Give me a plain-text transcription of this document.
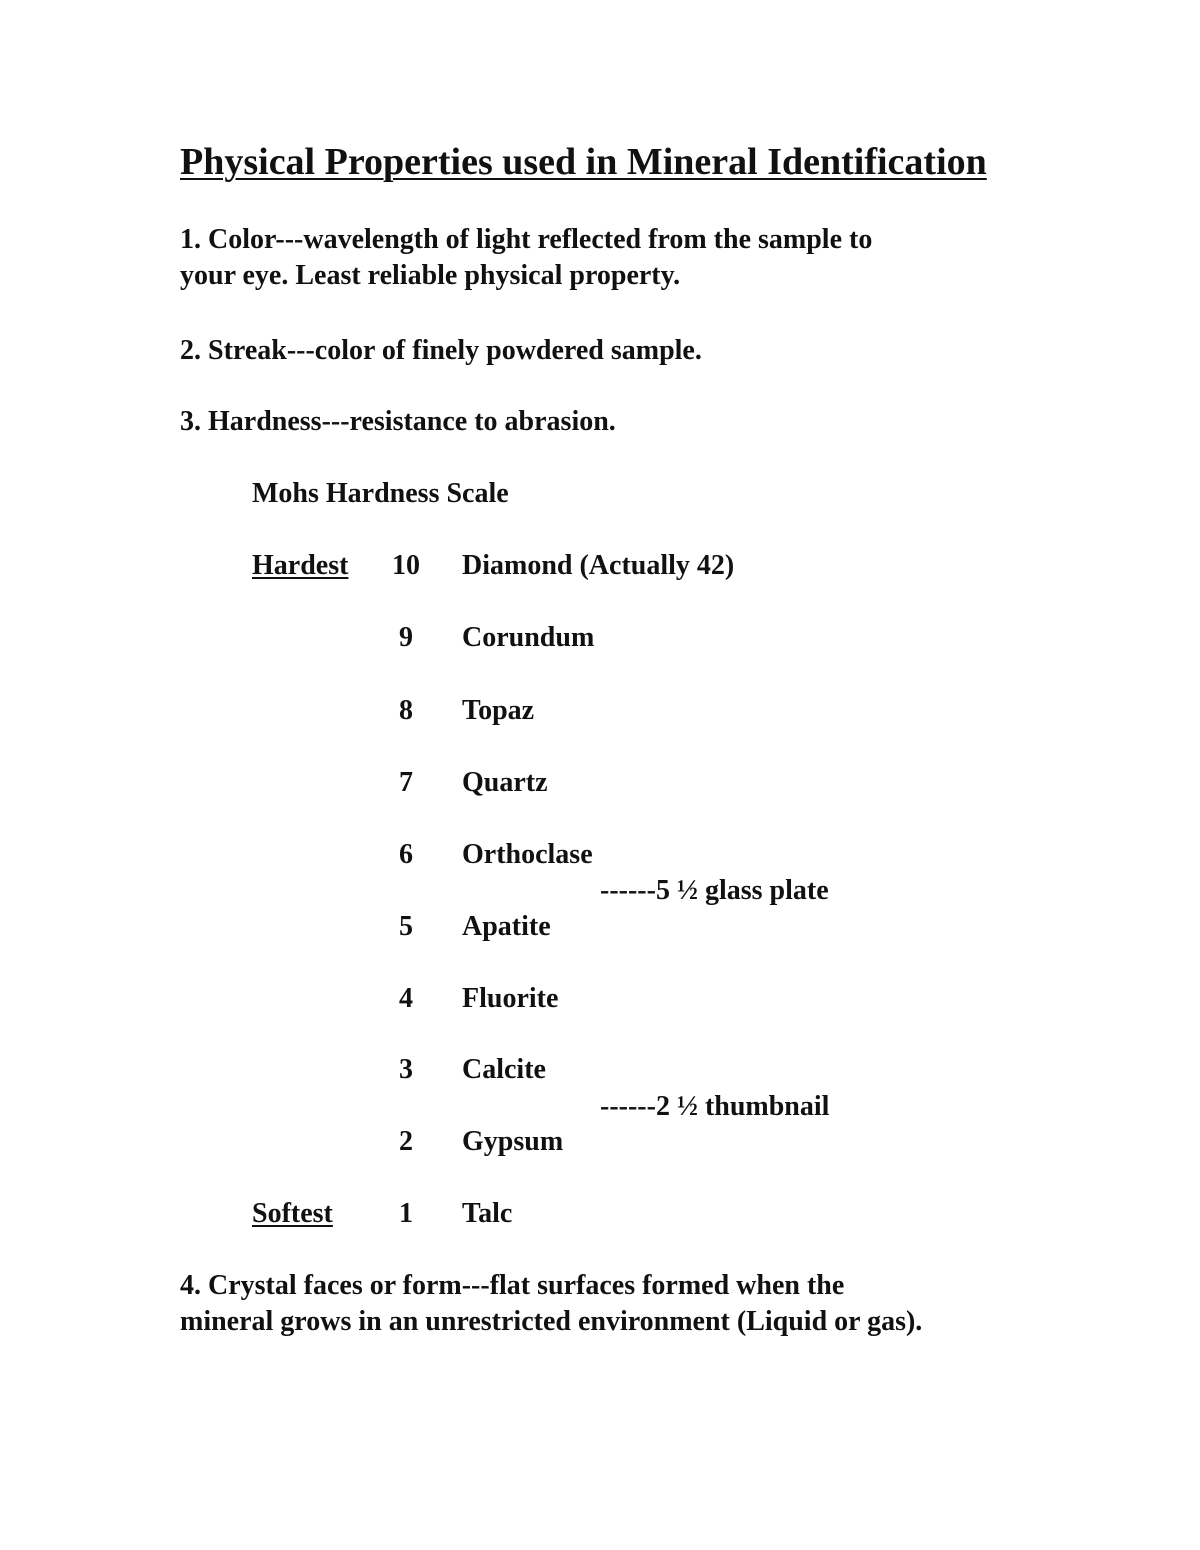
Physical Properties used in Mineral Identification
1. Color---wavelength of light reflected from the sample to
your eye. Least reliable physical property.
2. Streak---color of finely powdered sample.
3. Hardness---resistance to abrasion.
Mohs Hardness Scale
Hardest	10	Diamond (Actually 42)
9	Corundum
8	Topaz
7	Quartz
6	Orthoclase
------5 ½ glass plate
5	Apatite
4	Fluorite
3	Calcite
------2 ½ thumbnail
2	Gypsum
Softest	1	Talc
4. Crystal faces or form---flat surfaces formed when the
mineral grows in an unrestricted environment (Liquid or gas).
